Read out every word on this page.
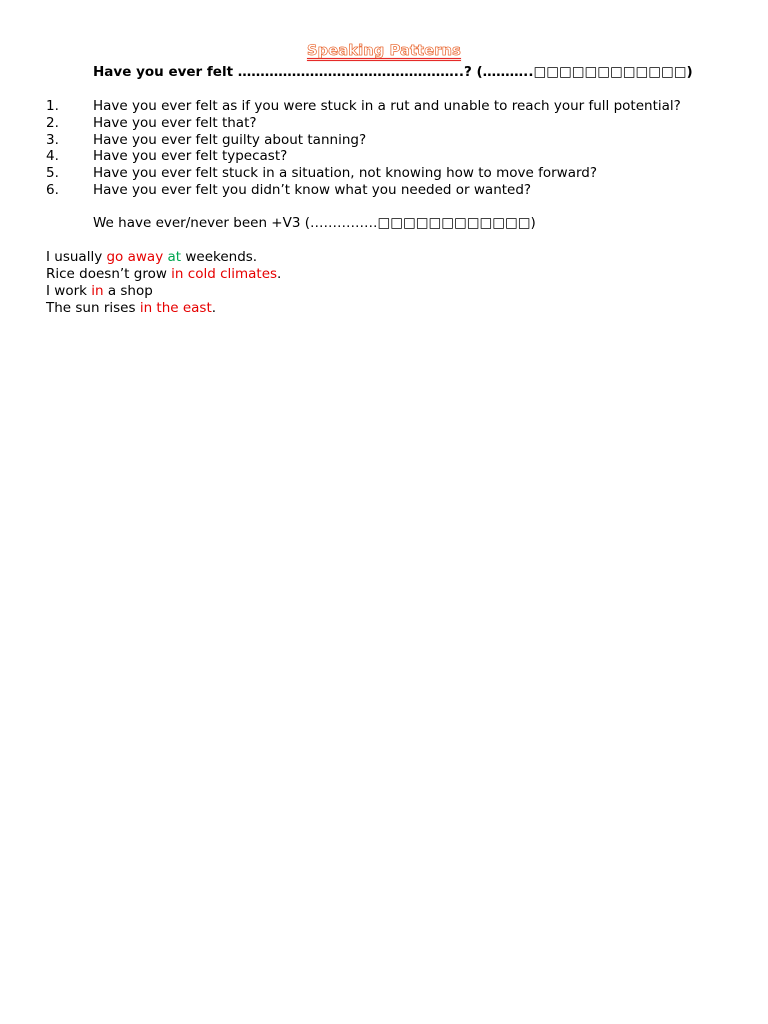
Speaking Patterns
Have you ever felt …………………………………………..? (………..□□□□□□□□□□□□)
1.	Have you ever felt as if you were stuck in a rut and unable to reach your full potential?
2.	Have you ever felt that?
3.	Have you ever felt guilty about tanning?
4.	Have you ever felt typecast?
5.	Have you ever felt stuck in a situation, not knowing how to move forward?
6.	Have you ever felt you didn’t know what you needed or wanted?
We have ever/never been +V3 (……………□□□□□□□□□□□□)
I usually go away at weekends.
Rice doesn’t grow in cold climates.
I work in a shop
The sun rises in the east.
